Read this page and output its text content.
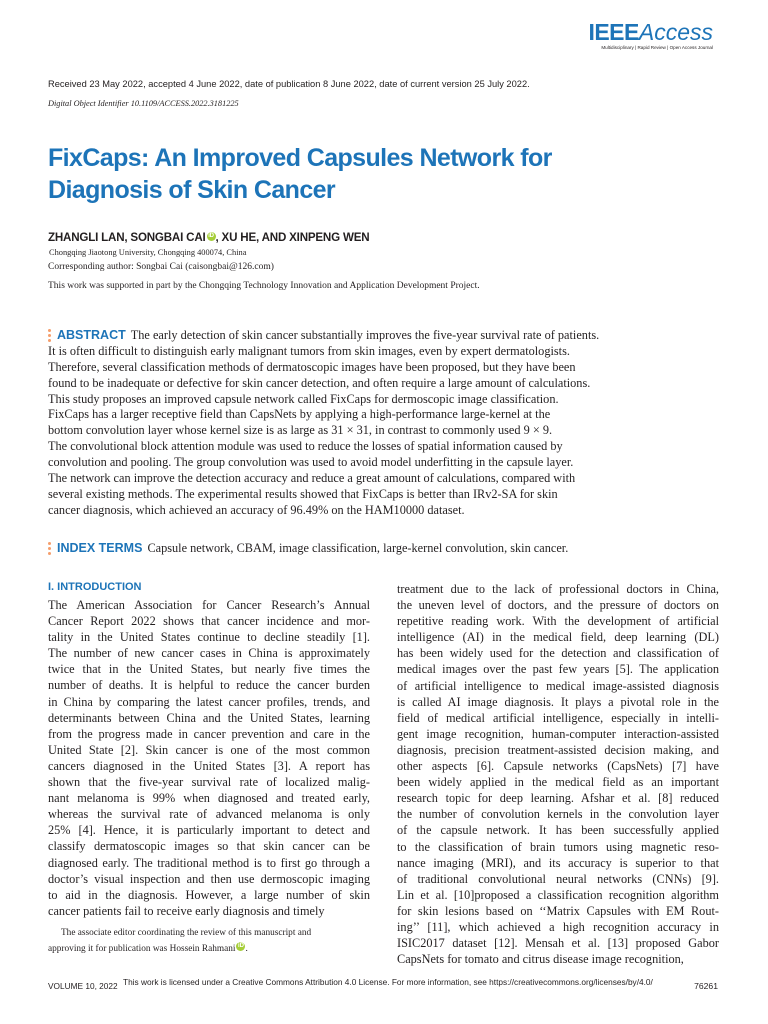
IEEEAccess
Multidisciplinary | Rapid Review | Open Access Journal
Received 23 May 2022, accepted 4 June 2022, date of publication 8 June 2022, date of current version 25 July 2022.
Digital Object Identifier 10.1109/ACCESS.2022.3181225
FixCaps: An Improved Capsules Network for
Diagnosis of Skin Cancer
ZHANGLI LAN, SONGBAI CAI iD , XU HE, AND XINPENG WEN
Chongqing Jiaotong University, Chongqing 400074, China
Corresponding author: Songbai Cai (caisongbai@126.com)
This work was supported in part by the Chongqing Technology Innovation and Application Development Project.
ABSTRACT The early detection of skin cancer substantially improves the five-year survival rate of patients.
It is often difficult to distinguish early malignant tumors from skin images, even by expert dermatologists.
Therefore, several classification methods of dermatoscopic images have been proposed, but they have been
found to be inadequate or defective for skin cancer detection, and often require a large amount of calculations.
This study proposes an improved capsule network called FixCaps for dermoscopic image classification.
FixCaps has a larger receptive field than CapsNets by applying a high-performance large-kernel at the
bottom convolution layer whose kernel size is as large as 31 × 31, in contrast to commonly used 9 × 9.
The convolutional block attention module was used to reduce the losses of spatial information caused by
convolution and pooling. The group convolution was used to avoid model underfitting in the capsule layer.
The network can improve the detection accuracy and reduce a great amount of calculations, compared with
several existing methods. The experimental results showed that FixCaps is better than IRv2-SA for skin
cancer diagnosis, which achieved an accuracy of 96.49% on the HAM10000 dataset.
INDEX TERMS Capsule network, CBAM, image classification, large-kernel convolution, skin cancer.
I. INTRODUCTION
The American Association for Cancer Research’s Annual
Cancer Report 2022 shows that cancer incidence and mor-
tality in the United States continue to decline steadily [1].
The number of new cancer cases in China is approximately
twice that in the United States, but nearly five times the
number of deaths. It is helpful to reduce the cancer burden
in China by comparing the latest cancer profiles, trends, and
determinants between China and the United States, learning
from the progress made in cancer prevention and care in the
United State [2]. Skin cancer is one of the most common
cancers diagnosed in the United States [3]. A report has
shown that the five-year survival rate of localized malig-
nant melanoma is 99% when diagnosed and treated early,
whereas the survival rate of advanced melanoma is only
25% [4]. Hence, it is particularly important to detect and
classify dermatoscopic images so that skin cancer can be
diagnosed early. The traditional method is to first go through a
doctor’s visual inspection and then use dermoscopic imaging
to aid in the diagnosis. However, a large number of skin
cancer patients fail to receive early diagnosis and timely
treatment due to the lack of professional doctors in China,
the uneven level of doctors, and the pressure of doctors on
repetitive reading work. With the development of artificial
intelligence (AI) in the medical field, deep learning (DL)
has been widely used for the detection and classification of
medical images over the past few years [5]. The application
of artificial intelligence to medical image-assisted diagnosis
is called AI image diagnosis. It plays a pivotal role in the
field of medical artificial intelligence, especially in intelli-
gent image recognition, human-computer interaction-assisted
diagnosis, precision treatment-assisted decision making, and
other aspects [6]. Capsule networks (CapsNets) [7] have
been widely applied in the medical field as an important
research topic for deep learning. Afshar et al. [8] reduced
the number of convolution kernels in the convolution layer
of the capsule network. It has been successfully applied
to the classification of brain tumors using magnetic reso-
nance imaging (MRI), and its accuracy is superior to that
of traditional convolutional neural networks (CNNs) [9].
Lin et al. [10]proposed a classification recognition algorithm
for skin lesions based on ‘‘Matrix Capsules with EM Rout-
ing’’ [11], which achieved a high recognition accuracy in
ISIC2017 dataset [12]. Mensah et al. [13] proposed Gabor
CapsNets for tomato and citrus disease image recognition,
The associate editor coordinating the review of this manuscript and
approving it for publication was Hossein Rahmani iD .
VOLUME 10, 2022 This work is licensed under a Creative Commons Attribution 4.0 License. For more information, see https://creativecommons.org/licenses/by/4.0/	76261
